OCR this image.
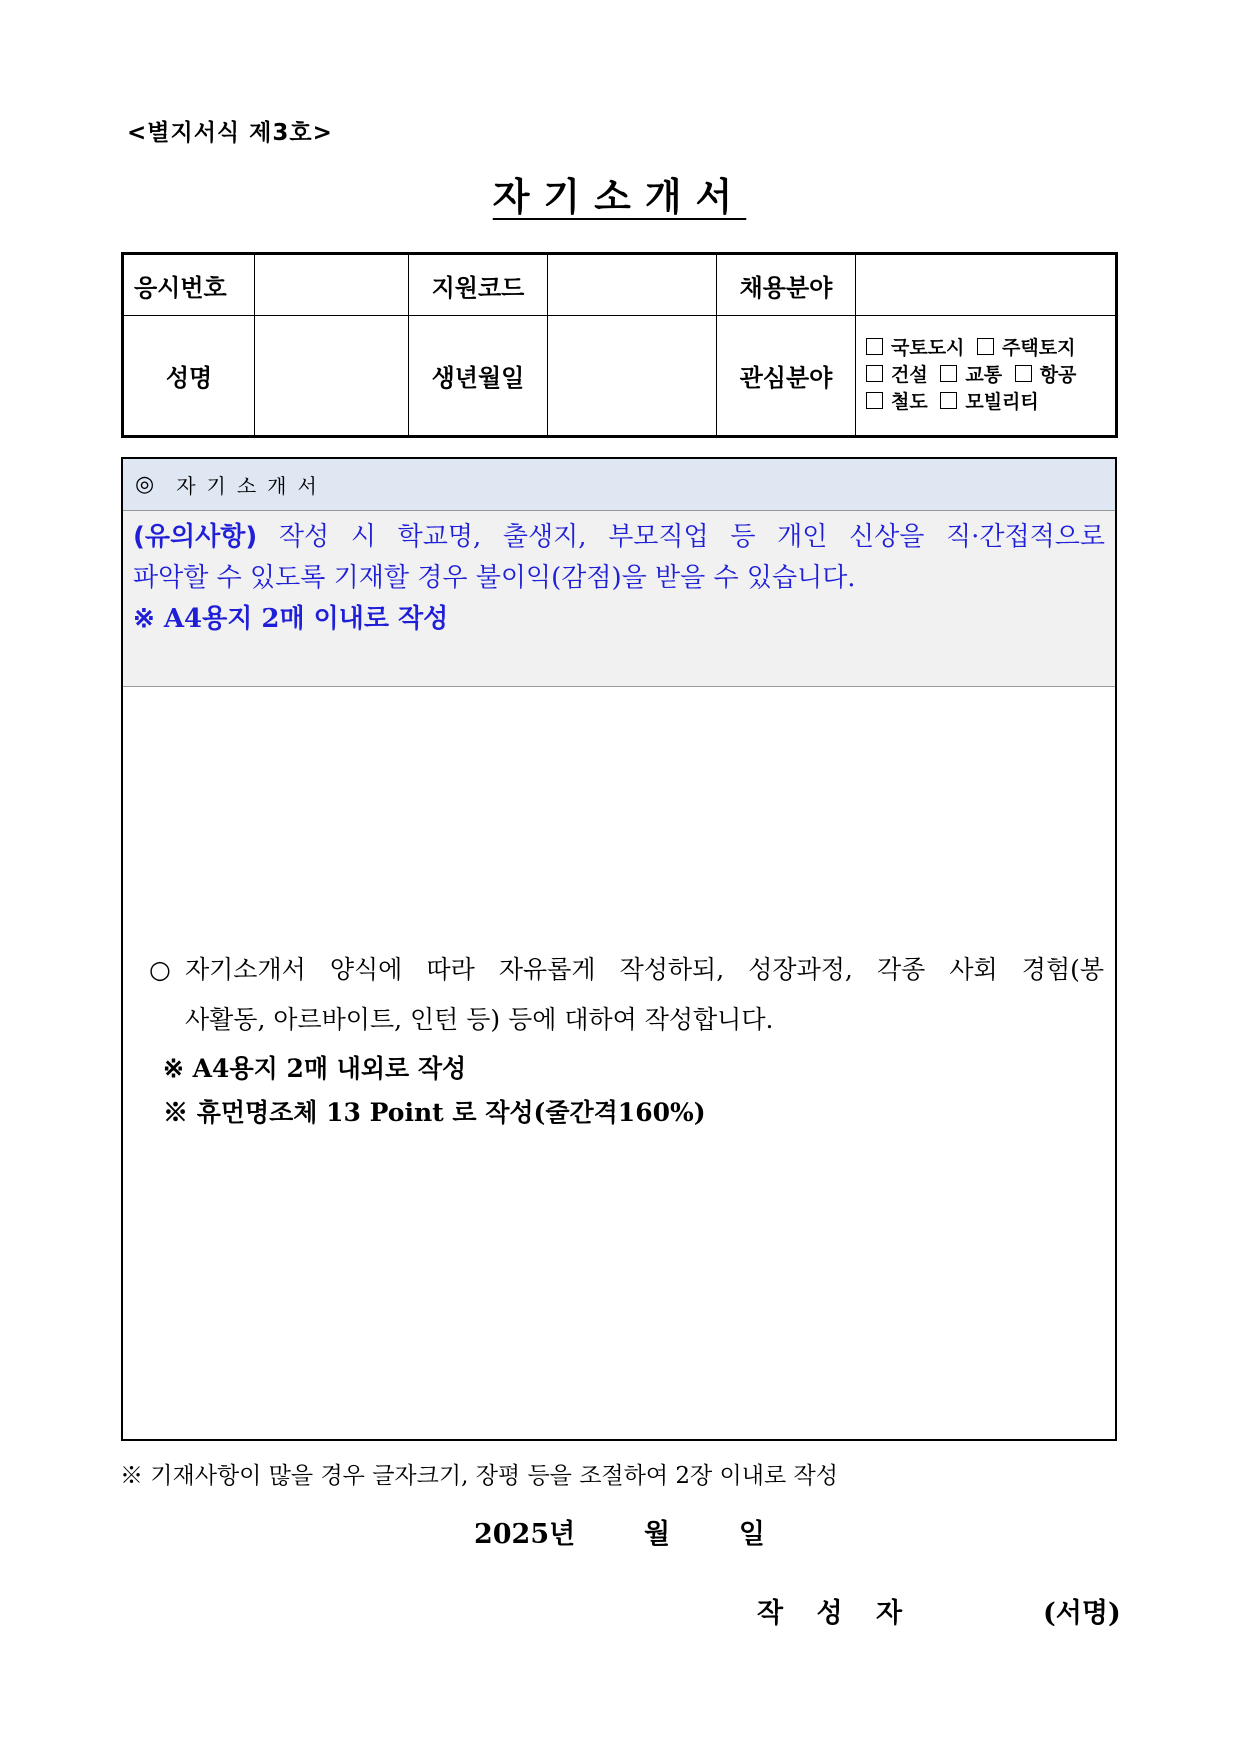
<별지서식 제3호>
자기소개서
응시번호		지원코드		채용분야	
성명		생년월일		관심분야	국토도시 주택토지
건설 교통 항공
철도 모빌리티
◎ 자기소개서

(유의사항) 작성 시 학교명, 출생지, 부모직업 등 개인 신상을 직·간접적으로

파악할 수 있도록 기재할 경우 불이익(감점)을 받을 수 있습니다.

※ A4용지 2매 이내로 작성

○ 자기소개서 양식에 따라 자유롭게 작성하되, 성장과정, 각종 사회 경험(봉
사활동, 아르바이트, 인턴 등) 등에 대하여 작성합니다.
※ A4용지 2매 내외로 작성
※ 휴먼명조체 13 Point 로 작성(줄간격160%)
※ 기재사항이 많을 경우 글자크기, 장평 등을 조절하여 2장 이내로 작성
2025년	월	일
작 성 자	(서명)
